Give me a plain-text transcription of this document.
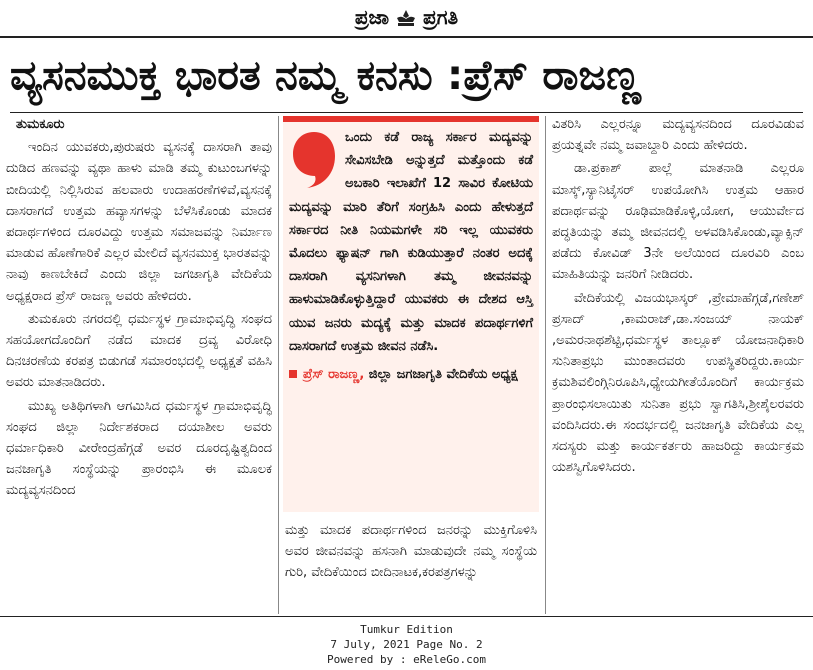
ಪ್ರಜಾ ಪ್ರಗತಿ
ವ್ಯಸನಮುಕ್ತ ಭಾರತ ನಮ್ಮ ಕನಸು :ಪ್ರೆಸ್ ರಾಜಣ್ಣ

ತುಮಕೂರು

ಇಂದಿನ ಯುವಕರು,ಪುರುಷರು ವ್ಯಸನಕ್ಕೆ ದಾಸರಾಗಿ ತಾವು ದುಡಿದ ಹಣವನ್ನು ವ್ಯಥಾ ಹಾಳು ಮಾಡಿ ತಮ್ಮ ಕುಟುಂಬಗಳನ್ನು ಬೀದಿಯಲ್ಲಿ ನಿಲ್ಲಿಸಿರುವ ಹಲವಾರು ಉದಾಹರಣೆಗಳಿವೆ,ವ್ಯಸನಕ್ಕೆ ದಾಸರಾಗದೆ ಉತ್ತಮ ಹವ್ಯಾಸಗಳನ್ನು ಬೆಳೆಸಿಕೊಂಡು ಮಾದಕ ಪದಾರ್ಥಗಳಿಂದ ದೂರವಿದ್ದು ಉತ್ತಮ ಸಮಾಜವನ್ನು ನಿರ್ಮಾಣ ಮಾಡುವ ಹೊಣೆಗಾರಿಕೆ ಎಲ್ಲರ ಮೇಲಿದೆ ವ್ಯಸನಮುಕ್ತ ಭಾರತವನ್ನು ನಾವು ಕಾಣಬೇಕಿದೆ ಎಂದು ಜಿಲ್ಲಾ ಜಗಜಾಗೃತಿ ವೇದಿಕೆಯ ಅಧ್ಯಕ್ಷರಾದ ಪ್ರೆಸ್ ರಾಜಣ್ಣ ಅವರು ಹೇಳಿದರು.

ತುಮಕೂರು ನಗರದಲ್ಲಿ ಧರ್ಮಸ್ಥಳ ಗ್ರಾಮಾಭಿವೃದ್ಧಿ ಸಂಘದ ಸಹಯೋಗದೊಂದಿಗೆ ನಡೆದ ಮಾದಕ ದ್ರವ್ಯ ವಿರೋಧಿ ದಿನಚರಣೆಯ ಕರಪತ್ರ ಬಿಡುಗಡೆ ಸಮಾರಂಭದಲ್ಲಿ ಅಧ್ಯಕ್ಷತೆ ವಹಿಸಿ ಅವರು ಮಾತನಾಡಿದರು.

ಮುಖ್ಯ ಅತಿಥಿಗಳಾಗಿ ಆಗಮಿಸಿದ ಧರ್ಮಸ್ಥಳ ಗ್ರಾಮಾಭಿವೃದ್ಧಿ ಸಂಘದ ಜಿಲ್ಲಾ ನಿರ್ದೇಶಕರಾದ ದಯಾಶೀಲ ಅವರು ಧರ್ಮಾಧಿಕಾರಿ ವೀರೇಂದ್ರಹೆಗ್ಗಡೆ ಅವರ ದೂರದೃಷ್ಟಿತ್ವದಿಂದ ಜನಜಾಗೃತಿ ಸಂಸ್ಥೆಯನ್ನು ಪ್ರಾರಂಭಿಸಿ ಈ ಮೂಲಕ ಮದ್ಯವ್ಯಸನದಿಂದ

ಒಂದು ಕಡೆ ರಾಜ್ಯ ಸರ್ಕಾರ ಮದ್ಯವನ್ನು ಸೇವಿಸಬೇಡಿ ಅನ್ನುತ್ತದೆ ಮತ್ತೊಂದು ಕಡೆ ಅಬಕಾರಿ ಇಲಾಖೆಗೆ 12 ಸಾವಿರ ಕೋಟಿಯ ಮದ್ಯವನ್ನು ಮಾರಿ ತೆರಿಗೆ ಸಂಗ್ರಹಿಸಿ ಎಂದು ಹೇಳುತ್ತದೆ ಸರ್ಕಾರದ ನೀತಿ ನಿಯಮಗಳೇ ಸರಿ ಇಲ್ಲ ಯುವಕರು ಮೊದಲು ಫ್ಯಾಷನ್ ಗಾಗಿ ಕುಡಿಯುತ್ತಾರೆ ನಂತರ ಅದಕ್ಕೆ ದಾಸರಾಗಿ ವ್ಯಸನಿಗಳಾಗಿ ತಮ್ಮ ಜೀವನವನ್ನು ಹಾಳುಮಾಡಿಕೊಳ್ಳುತ್ತಿದ್ದಾರೆ ಯುವಕರು ಈ ದೇಶದ ಆಸ್ತಿ ಯುವ ಜನರು ಮದ್ಯಕ್ಕೆ ಮತ್ತು ಮಾದಕ ಪದಾರ್ಥಗಳಿಗೆ ದಾಸರಾಗದೆ ಉತ್ತಮ ಜೀವನ ನಡೆಸಿ.
ಪ್ರೆಸ್ ರಾಜಣ್ಣ, ಜಿಲ್ಲಾ ಜಗಜಾಗೃತಿ ವೇದಿಕೆಯ ಅಧ್ಯಕ್ಷ

ಮತ್ತು ಮಾದಕ ಪದಾರ್ಥಗಳಿಂದ ಜನರನ್ನು ಮುಕ್ತಿಗೊಳಿಸಿ ಅವರ ಜೀವನವನ್ನು ಹಸನಾಗಿ ಮಾಡುವುದೇ ನಮ್ಮ ಸಂಸ್ಥೆಯ ಗುರಿ, ವೇದಿಕೆಯಿಂದ ಬೀದಿನಾಟಕ,ಕರಪತ್ರಗಳನ್ನು

ವಿತರಿಸಿ ಎಲ್ಲರನ್ನೂ ಮದ್ಯವ್ಯಸನದಿಂದ ದೂರವಿಡುವ ಪ್ರಯತ್ನವೇ ನಮ್ಮ ಜವಾಬ್ದಾರಿ ಎಂದು ಹೇಳಿದರು.

ಡಾ.ಪ್ರಕಾಶ್ ಪಾಲ್ಲೆ ಮಾತನಾಡಿ ಎಲ್ಲರೂ ಮಾಸ್ಕ್,ಸ್ಯಾನಿಟೈಸರ್ ಉಪಯೋಗಿಸಿ ಉತ್ತಮ ಆಹಾರ ಪದಾರ್ಥವನ್ನು ರೂಢಿಮಾಡಿಕೊಳ್ಳಿ,ಯೋಗ, ಆಯುರ್ವೇದ ಪದ್ಧತಿಯನ್ನು ತಮ್ಮ ಜೀವನದಲ್ಲಿ ಅಳವಡಿಸಿಕೊಂಡು,ವ್ಯಾಕ್ಸಿನ್ ಪಡೆದು ಕೋವಿಡ್ 3ನೇ ಅಲೆಯಿಂದ ದೂರವಿರಿ ಎಂಬ ಮಾಹಿತಿಯನ್ನು ಜನರಿಗೆ ನೀಡಿದರು.

ವೇದಿಕೆಯಲ್ಲಿ ವಿಜಯಭಾಸ್ಕರ್ ,ಪ್ರೇಮಾಹೆಗ್ಗಡೆ,ಗಣೇಶ್ ಪ್ರಸಾದ್ ,ಕಾಮರಾಜ್,ಡಾ.ಸಂಜಯ್ ನಾಯಕ್ ,ಅಮರನಾಥಶೆಟ್ಟಿ,ಧರ್ಮಸ್ಥಳ ತಾಲ್ಲೂಕ್ ಯೋಜನಾಧಿಕಾರಿ ಸುನಿತಾಪ್ರಭು ಮುಂತಾದವರು ಉಪಸ್ಥಿತರಿದ್ದರು.ಕಾರ್ಯ ಕ್ರಮಶಿವಲಿಂಗ್ಗಿನಿರೂಪಿಸಿ,ಧ್ಯೇಯಗೀತೆಯೊಂದಿಗೆ ಕಾರ್ಯಕ್ರಮ ಪ್ರಾರಂಭಿಸಲಾಯಿತು ಸುನಿತಾ ಪ್ರಭು ಸ್ವಾಗತಿಸಿ,ಶ್ರೀಶೈಲರವರು ವಂದಿಸಿದರು.ಈ ಸಂದರ್ಭದಲ್ಲಿ ಜನಜಾಗೃತಿ ವೇದಿಕೆಯ ಎಲ್ಲ ಸದಸ್ಯರು ಮತ್ತು ಕಾರ್ಯಕರ್ತರು ಹಾಜರಿದ್ದು ಕಾರ್ಯಕ್ರಮ ಯಶಸ್ವಿಗೊಳಿಸಿದರು.

Tumkur Edition
7 July, 2021 Page No. 2
Powered by : eReleGo.com
